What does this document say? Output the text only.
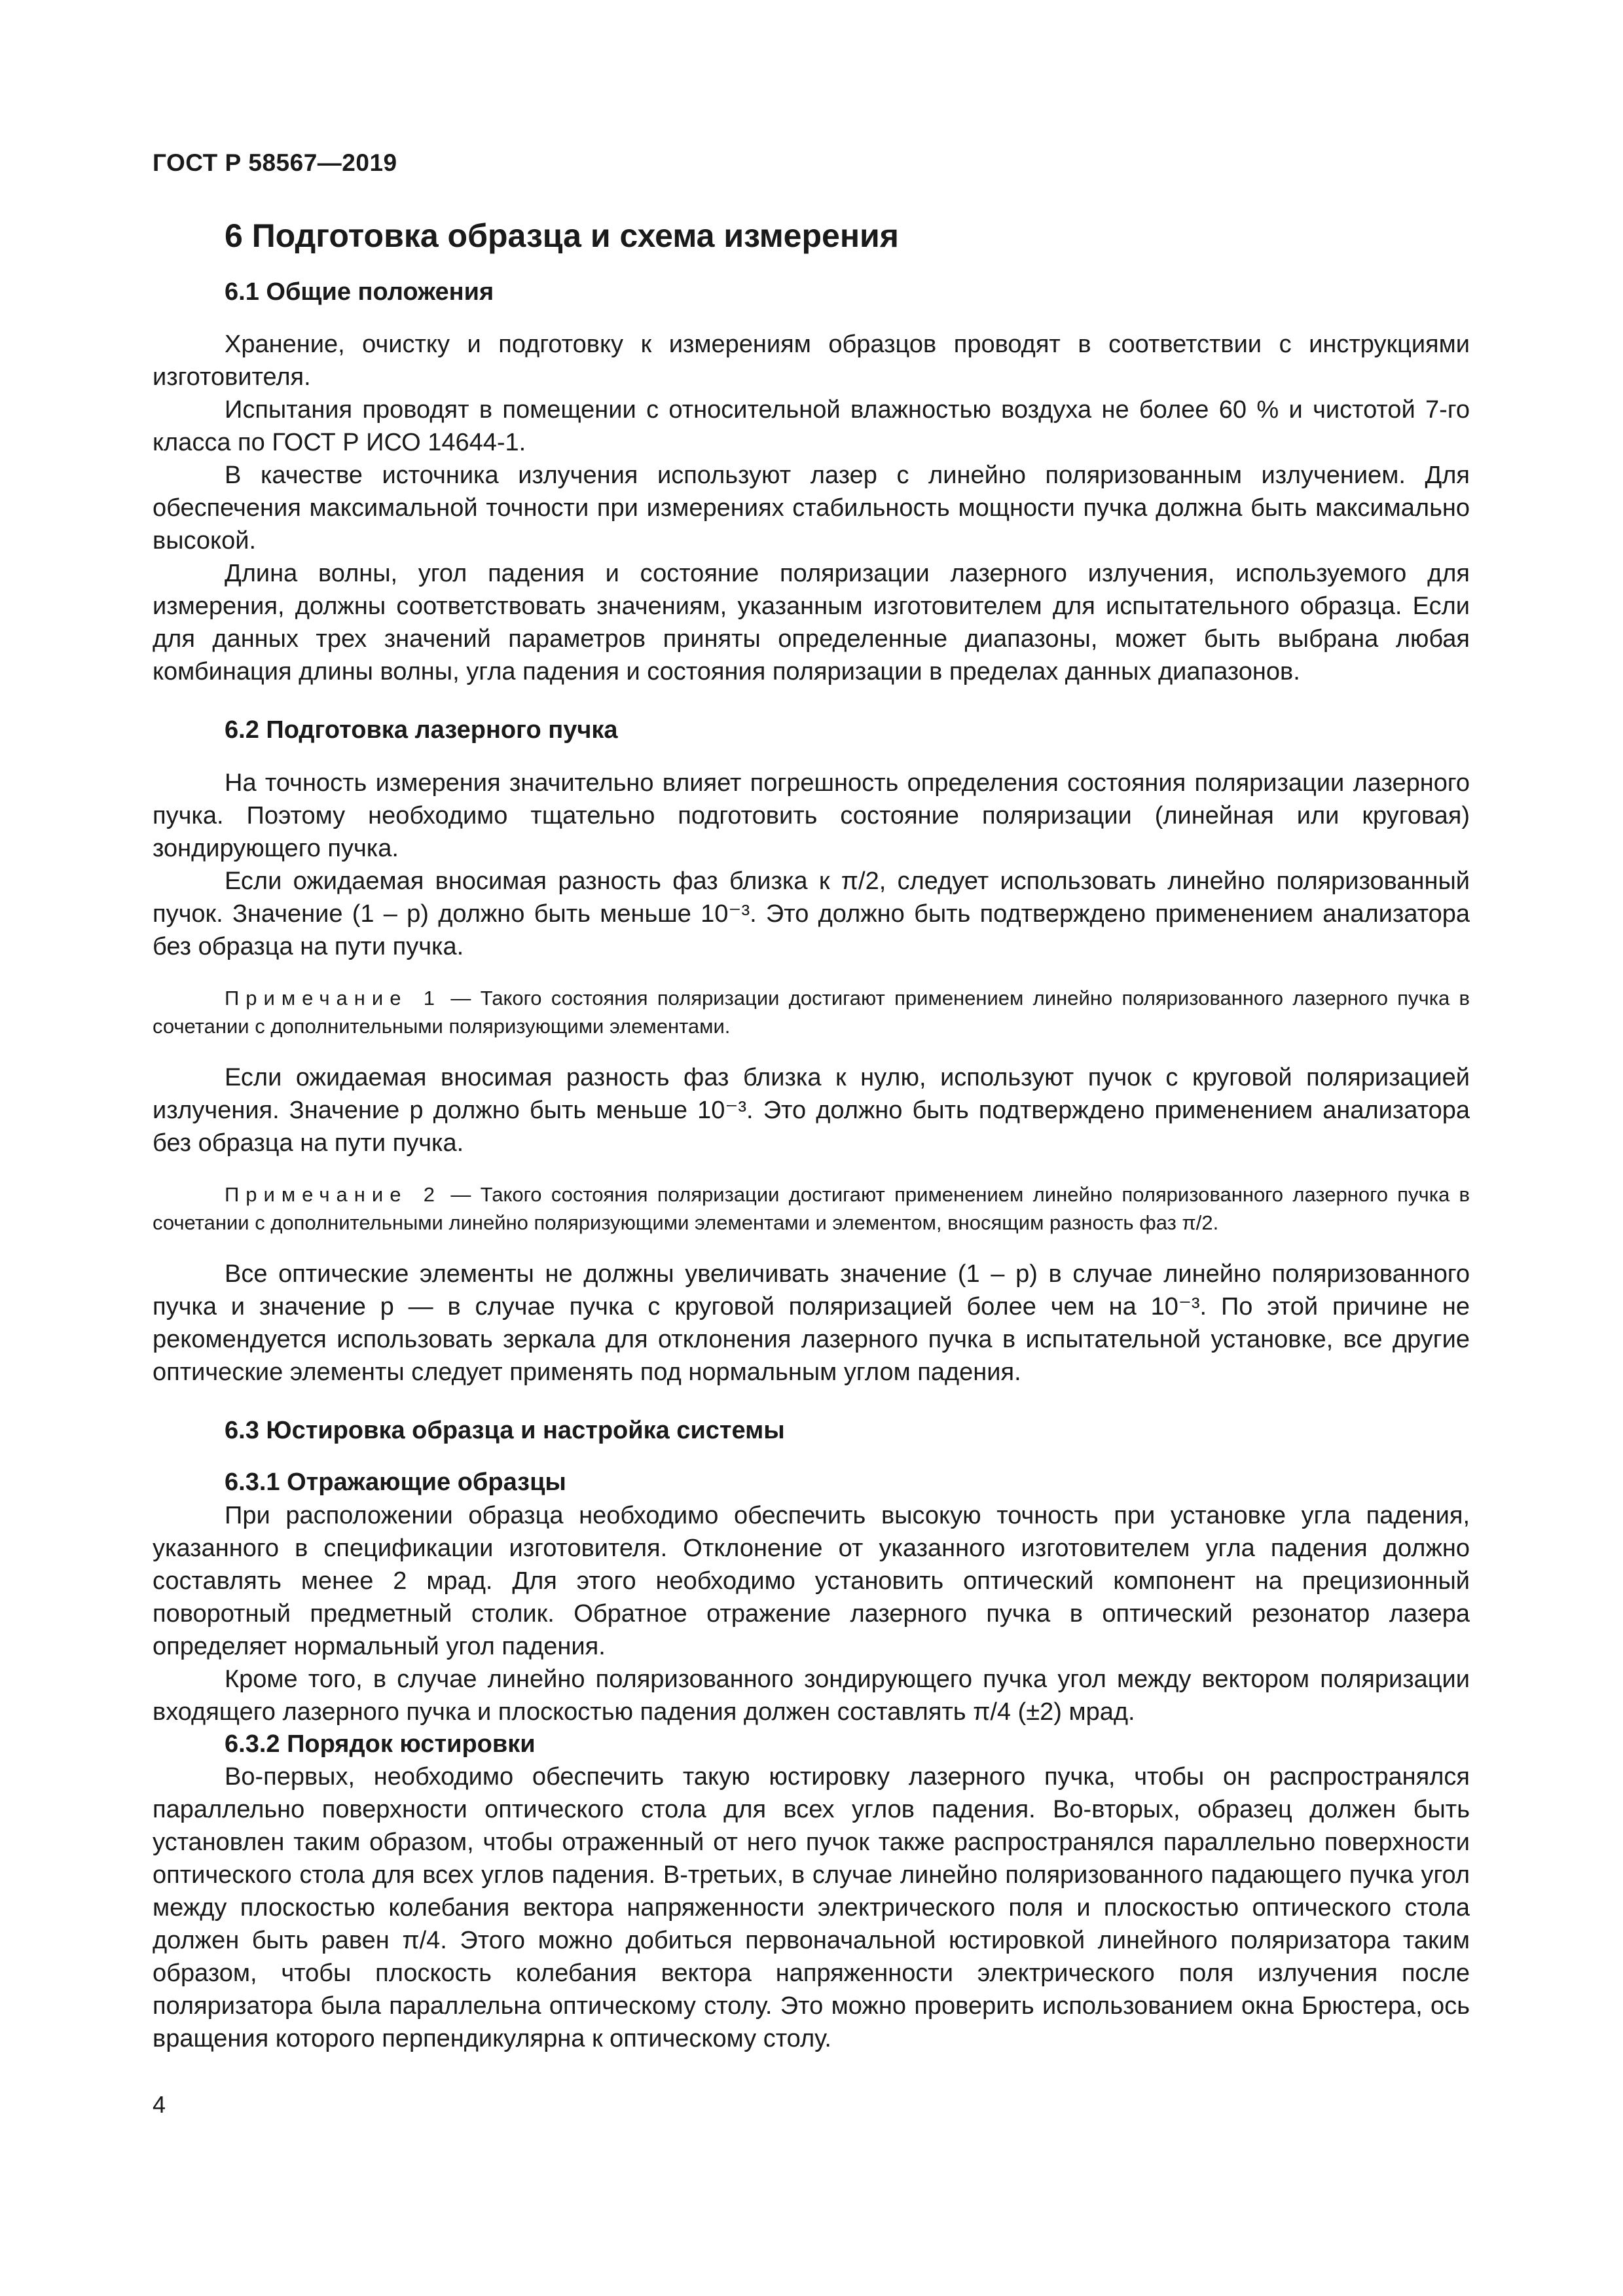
ГОСТ Р 58567—2019
6 Подготовка образца и схема измерения
6.1 Общие положения

Хранение, очистку и подготовку к измерениям образцов проводят в соответствии с инструкциями изготовителя.

Испытания проводят в помещении с относительной влажностью воздуха не более 60 % и чистотой 7-го класса по ГОСТ Р ИСО 14644-1.

В качестве источника излучения используют лазер с линейно поляризованным излучением. Для обеспечения максимальной точности при измерениях стабильность мощности пучка должна быть максимально высокой.

Длина волны, угол падения и состояние поляризации лазерного излучения, используемого для измерения, должны соответствовать значениям, указанным изготовителем для испытательного образца. Если для данных трех значений параметров приняты определенные диапазоны, может быть выбрана любая комбинация длины волны, угла падения и состояния поляризации в пределах данных диапазонов.

6.2 Подготовка лазерного пучка

На точность измерения значительно влияет погрешность определения состояния поляризации лазерного пучка. Поэтому необходимо тщательно подготовить состояние поляризации (линейная или круговая) зондирующего пучка.

Если ожидаемая вносимая разность фаз близка к π/2, следует использовать линейно поляризованный пучок. Значение (1 – p) должно быть меньше 10⁻³. Это должно быть подтверждено применением анализатора без образца на пути пучка.

Примечание 1 — Такого состояния поляризации достигают применением линейно поляризованного лазерного пучка в сочетании с дополнительными поляризующими элементами.

Если ожидаемая вносимая разность фаз близка к нулю, используют пучок с круговой поляризацией излучения. Значение p должно быть меньше 10⁻³. Это должно быть подтверждено применением анализатора без образца на пути пучка.

Примечание 2 — Такого состояния поляризации достигают применением линейно поляризованного лазерного пучка в сочетании с дополнительными линейно поляризующими элементами и элементом, вносящим разность фаз π/2.

Все оптические элементы не должны увеличивать значение (1 – p) в случае линейно поляризованного пучка и значение p — в случае пучка с круговой поляризацией более чем на 10⁻³. По этой причине не рекомендуется использовать зеркала для отклонения лазерного пучка в испытательной установке, все другие оптические элементы следует применять под нормальным углом падения.

6.3 Юстировка образца и настройка системы
6.3.1 Отражающие образцы

При расположении образца необходимо обеспечить высокую точность при установке угла падения, указанного в спецификации изготовителя. Отклонение от указанного изготовителем угла падения должно составлять менее 2 мрад. Для этого необходимо установить оптический компонент на прецизионный поворотный предметный столик. Обратное отражение лазерного пучка в оптический резонатор лазера определяет нормальный угол падения.

Кроме того, в случае линейно поляризованного зондирующего пучка угол между вектором поляризации входящего лазерного пучка и плоскостью падения должен составлять π/4 (±2) мрад.

6.3.2 Порядок юстировки

Во-первых, необходимо обеспечить такую юстировку лазерного пучка, чтобы он распространялся параллельно поверхности оптического стола для всех углов падения. Во-вторых, образец должен быть установлен таким образом, чтобы отраженный от него пучок также распространялся параллельно поверхности оптического стола для всех углов падения. В-третьих, в случае линейно поляризованного падающего пучка угол между плоскостью колебания вектора напряженности электрического поля и плоскостью оптического стола должен быть равен π/4. Этого можно добиться первоначальной юстировкой линейного поляризатора таким образом, чтобы плоскость колебания вектора напряженности электрического поля излучения после поляризатора была параллельна оптическому столу. Это можно проверить использованием окна Брюстера, ось вращения которого перпендикулярна к оптическому столу.

4
